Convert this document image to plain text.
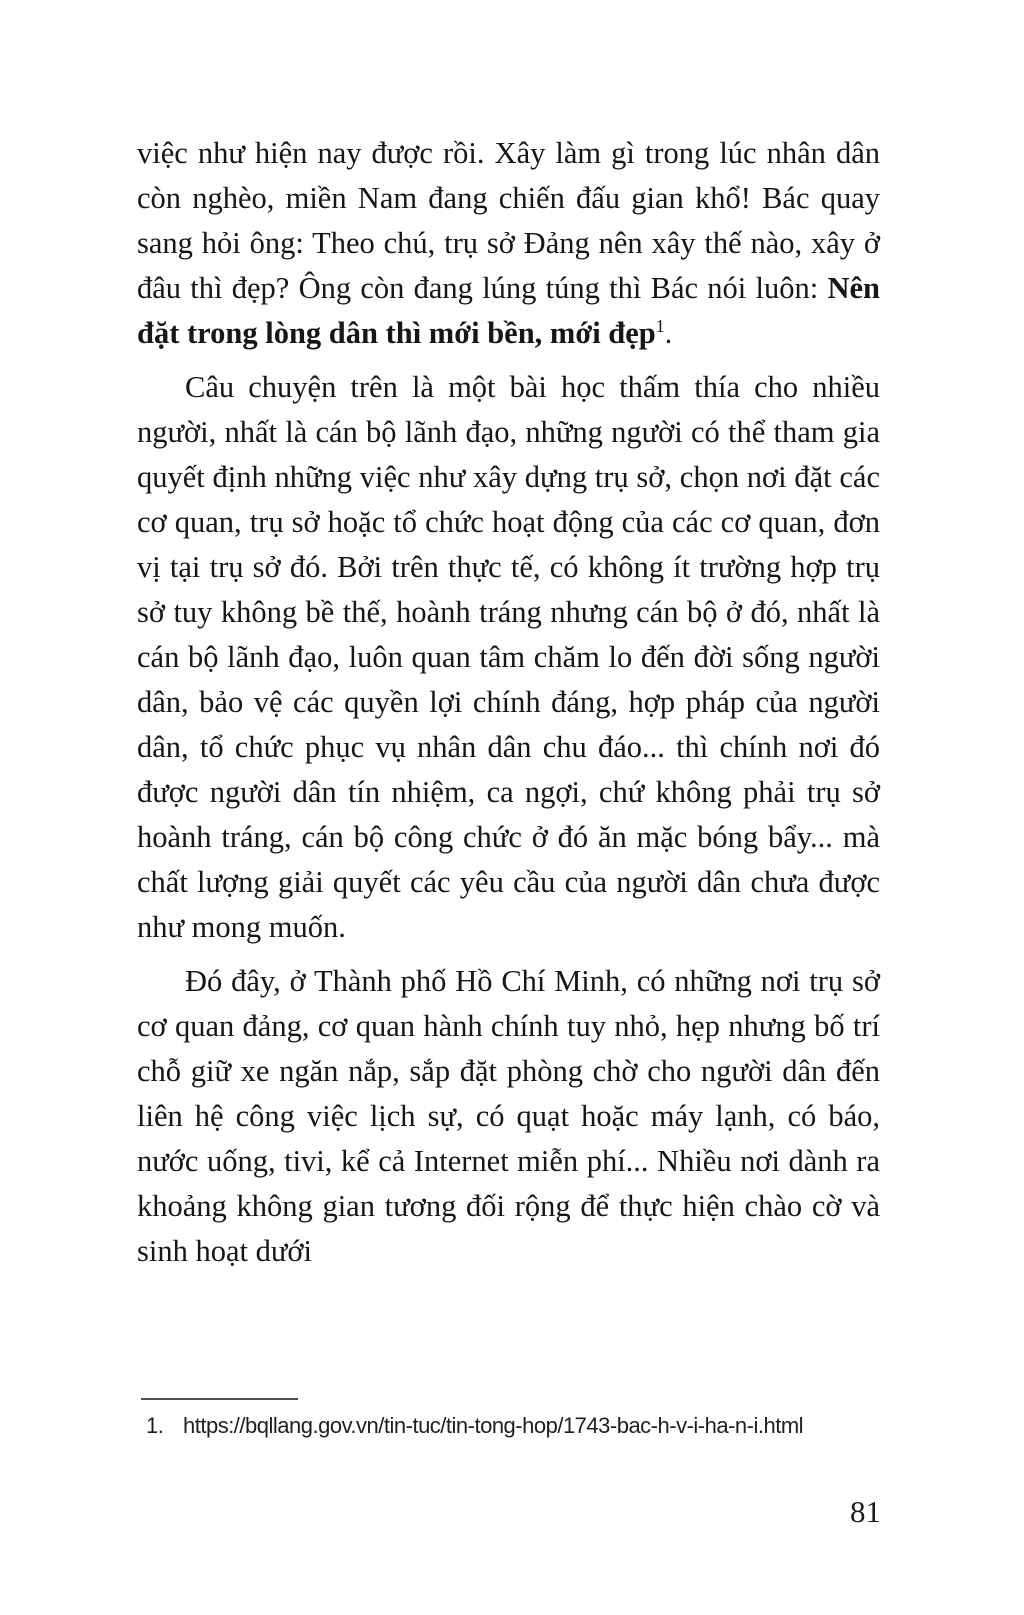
việc như hiện nay được rồi. Xây làm gì trong lúc nhân dân còn nghèo, miền Nam đang chiến đấu gian khổ! Bác quay sang hỏi ông: Theo chú, trụ sở Đảng nên xây thế nào, xây ở đâu thì đẹp? Ông còn đang lúng túng thì Bác nói luôn: Nên đặt trong lòng dân thì mới bền, mới đẹp$^1$.

Câu chuyện trên là một bài học thấm thía cho nhiều người, nhất là cán bộ lãnh đạo, những người có thể tham gia quyết định những việc như xây dựng trụ sở, chọn nơi đặt các cơ quan, trụ sở hoặc tổ chức hoạt động của các cơ quan, đơn vị tại trụ sở đó. Bởi trên thực tế, có không ít trường hợp trụ sở tuy không bề thế, hoành tráng nhưng cán bộ ở đó, nhất là cán bộ lãnh đạo, luôn quan tâm chăm lo đến đời sống người dân, bảo vệ các quyền lợi chính đáng, hợp pháp của người dân, tổ chức phục vụ nhân dân chu đáo... thì chính nơi đó được người dân tín nhiệm, ca ngợi, chứ không phải trụ sở hoành tráng, cán bộ công chức ở đó ăn mặc bóng bẩy... mà chất lượng giải quyết các yêu cầu của người dân chưa được như mong muốn.

Đó đây, ở Thành phố Hồ Chí Minh, có những nơi trụ sở cơ quan đảng, cơ quan hành chính tuy nhỏ, hẹp nhưng bố trí chỗ giữ xe ngăn nắp, sắp đặt phòng chờ cho người dân đến liên hệ công việc lịch sự, có quạt hoặc máy lạnh, có báo, nước uống, tivi, kể cả Internet miễn phí... Nhiều nơi dành ra khoảng không gian tương đối rộng để thực hiện chào cờ và sinh hoạt dưới

1. https://bqllang.gov.vn/tin-tuc/tin-tong-hop/1743-bac-h-v-i-ha-n-i.html
81
